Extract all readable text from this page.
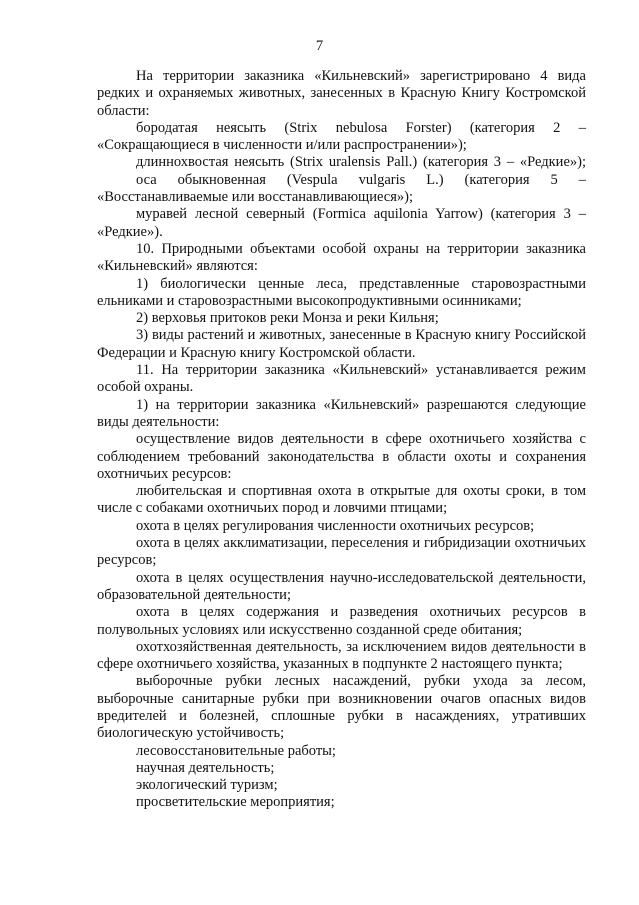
7

На территории заказника «Кильневский» зарегистрировано 4 вида редких и охраняемых животных, занесенных в Красную Книгу Костромской области:

бородатая неясыть (Strix nebulosa Forster) (категория 2 – «Сокращающиеся в численности и/или распространении»);

длиннохвостая неясыть (Strix uralensis Pall.) (категория 3 – «Редкие»);

оса обыкновенная (Vespula vulgaris L.) (категория 5 – «Восстанавливаемые или восстанавливающиеся»);

муравей лесной северный (Formica aquilonia Yarrow) (категория 3 – «Редкие»).

10. Природными объектами особой охраны на территории заказника «Кильневский» являются:

1) биологически ценные леса, представленные старовозрастными ельниками и старовозрастными высокопродуктивными осинниками;

2) верховья притоков реки Монза и реки Кильня;

3) виды растений и животных, занесенные в Красную книгу Российской Федерации и Красную книгу Костромской области.

11. На территории заказника «Кильневский» устанавливается режим особой охраны.

1) на территории заказника «Кильневский» разрешаются следующие виды деятельности:

осуществление видов деятельности в сфере охотничьего хозяйства с соблюдением требований законодательства в области охоты и сохранения охотничьих ресурсов:

любительская и спортивная охота в открытые для охоты сроки, в том числе с собаками охотничьих пород и ловчими птицами;

охота в целях регулирования численности охотничьих ресурсов;

охота в целях акклиматизации, переселения и гибридизации охотничьих ресурсов;

охота в целях осуществления научно-исследовательской деятельности, образовательной деятельности;

охота в целях содержания и разведения охотничьих ресурсов в полувольных условиях или искусственно созданной среде обитания;

охотхозяйственная деятельность, за исключением видов деятельности в сфере охотничьего хозяйства, указанных в подпункте 2 настоящего пункта;

выборочные рубки лесных насаждений, рубки ухода за лесом, выборочные санитарные рубки при возникновении очагов опасных видов вредителей и болезней, сплошные рубки в насаждениях, утративших биологическую устойчивость;

лесовосстановительные работы;

научная деятельность;

экологический туризм;

просветительские мероприятия;
